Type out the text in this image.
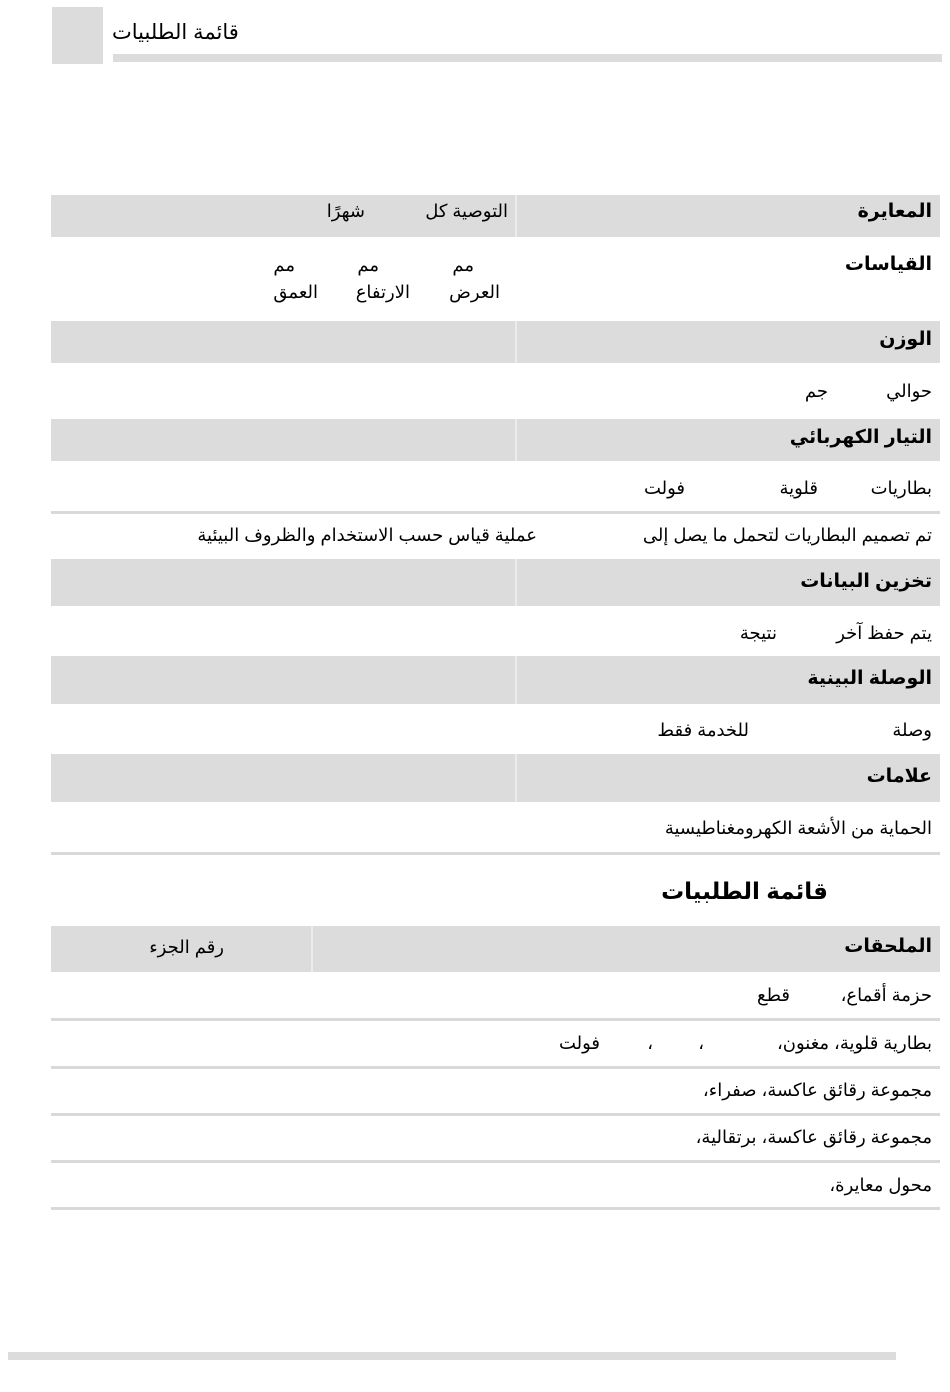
قائمة الطلبيات
المعايرة
التوصية كل
شهرًا
القياسات
مم
مم
مم
العرض
الارتفاع
العمق
الوزن
حوالي
جم
التيار الكهربائي
بطاريات
قلوية
فولت
تم تصميم البطاريات لتحمل ما يصل إلى
عملية قياس حسب الاستخدام والظروف البيئية
تخزين البيانات
يتم حفظ آخر
نتيجة
الوصلة البينية
وصلة
للخدمة فقط
علامات
الحماية من الأشعة الكهرومغناطيسية
قائمة الطلبيات
الملحقات
رقم الجزء
حزمة أقماع،
قطع
بطارية قلوية، مغنون،
،
،
فولت
مجموعة رقائق عاكسة، صفراء،
مجموعة رقائق عاكسة، برتقالية،
محول معايرة،
